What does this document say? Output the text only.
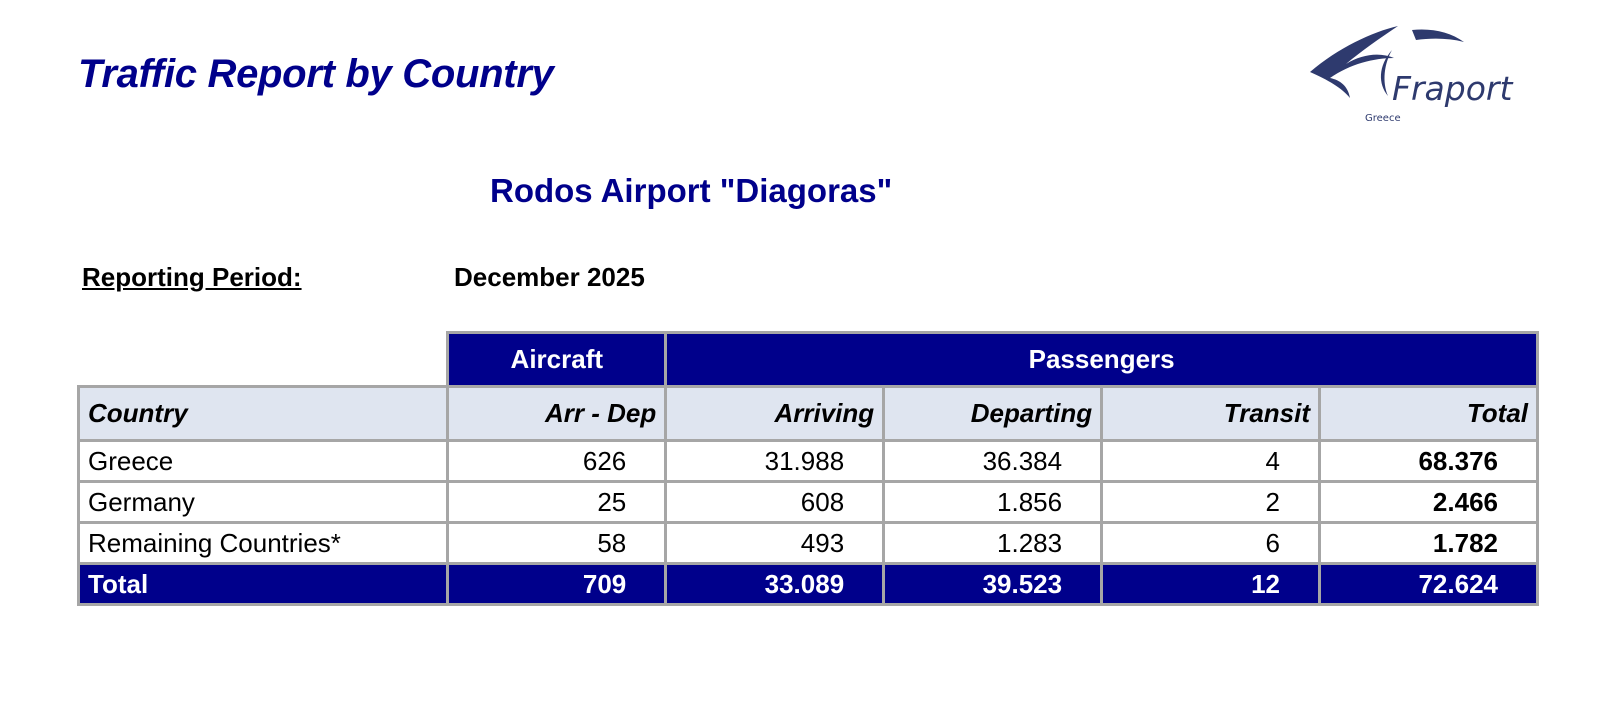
Traffic Report by Country	Fraport
Greece
Rodos Airport "Diagoras"
Reporting Period:	December 2025
	Aircraft	Passengers			
Country	Arr - Dep	Arriving	Departing	Transit	Total
Greece	626	31.988	36.384	4	68.376
Germany	25	608	1.856	2	2.466
Remaining Countries*	58	493	1.283	6	1.782
Total	709	33.089	39.523	12	72.624
